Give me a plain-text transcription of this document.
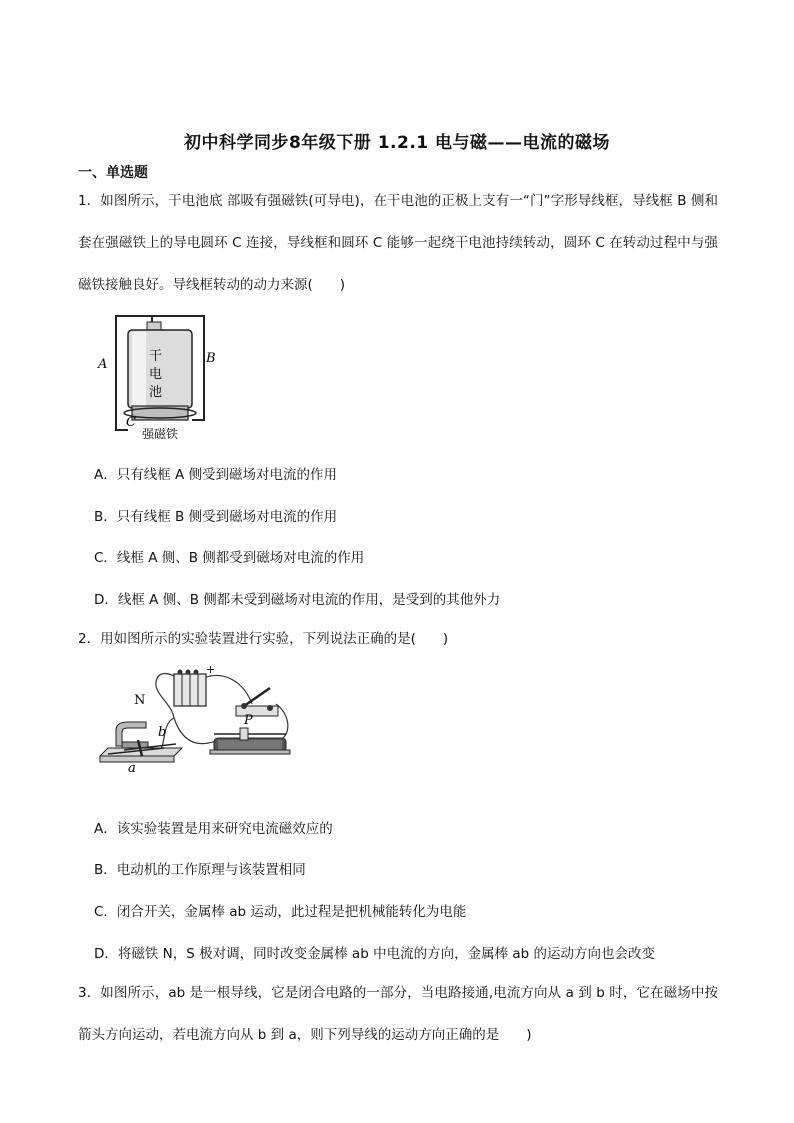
初中科学同步8年级下册 1.2.1 电与磁——电流的磁场
一、单选题
1．如图所示，干电池底 部吸有强磁铁(可导电)，在干电池的正极上支有一“门”字形导线框，导线框 B 侧和套在强磁铁上的导电圆环 C 连接，导线框和圆环 C 能够一起绕干电池持续转动，圆环 C 在转动过程中与强磁铁接触良好。导线框转动的动力来源(　　)
A	B
C
干
电
池
强磁铁
A．只有线框 A 侧受到磁场对电流的作用
B．只有线框 B 侧受到磁场对电流的作用
C．线框 A 侧、B 侧都受到磁场对电流的作用
D．线框 A 侧、B 侧都未受到磁场对电流的作用，是受到的其他外力
2．用如图所示的实验装置进行实验，下列说法正确的是(　　)
+
N
b
a
P
A．该实验装置是用来研究电流磁效应的
B．电动机的工作原理与该装置相同
C．闭合开关，金属棒 ab 运动，此过程是把机械能转化为电能
D．将磁铁 N，S 极对调，同时改变金属棒 ab 中电流的方向，金属棒 ab 的运动方向也会改变
3．如图所示，ab 是一根导线，它是闭合电路的一部分，当电路接通,电流方向从 a 到 b 时，它在磁场中按箭头方向运动，若电流方向从 b 到 a，则下列导线的运动方向正确的是　　)
